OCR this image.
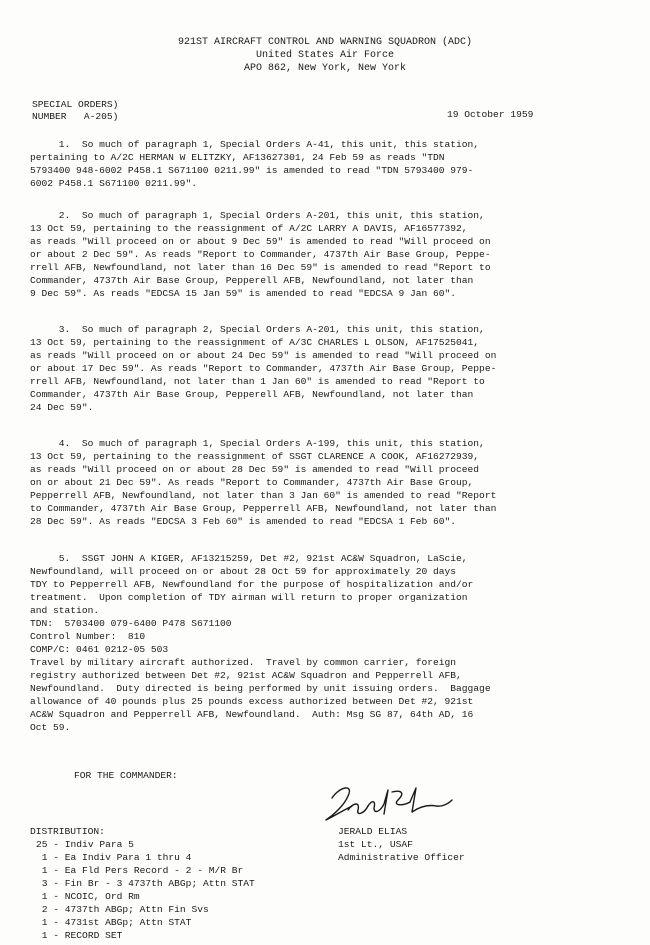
921ST AIRCRAFT CONTROL AND WARNING SQUADRON (ADC)
United States Air Force
APO 862, New York, New York
SPECIAL ORDERS)
NUMBER   A-205)	19 October 1959
1.  So much of paragraph 1, Special Orders A-41, this unit, this station,
pertaining to A/2C HERMAN W ELITZKY, AF13627301, 24 Feb 59 as reads "TDN
5793400 948-6002 P458.1 S671100 0211.99" is amended to read "TDN 5793400 979-
6002 P458.1 S671100 0211.99".
2.  So much of paragraph 1, Special Orders A-201, this unit, this station,
13 Oct 59, pertaining to the reassignment of A/2C LARRY A DAVIS, AF16577392,
as reads "Will proceed on or about 9 Dec 59" is amended to read "Will proceed on
or about 2 Dec 59". As reads "Report to Commander, 4737th Air Base Group, Peppe-
rrell AFB, Newfoundland, not later than 16 Dec 59" is amended to read "Report to
Commander, 4737th Air Base Group, Pepperell AFB, Newfoundland, not later than
9 Dec 59". As reads "EDCSA 15 Jan 59" is amended to read "EDCSA 9 Jan 60".
3.  So much of paragraph 2, Special Orders A-201, this unit, this station,
13 Oct 59, pertaining to the reassignment of A/3C CHARLES L OLSON, AF17525041,
as reads "Will proceed on or about 24 Dec 59" is amended to read "Will proceed on
or about 17 Dec 59". As reads "Report to Commander, 4737th Air Base Group, Peppe-
rrell AFB, Newfoundland, not later than 1 Jan 60" is amended to read "Report to
Commander, 4737th Air Base Group, Pepperell AFB, Newfoundland, not later than
24 Dec 59".
4.  So much of paragraph 1, Special Orders A-199, this unit, this station,
13 Oct 59, pertaining to the reassignment of SSGT CLARENCE A COOK, AF16272939,
as reads "Will proceed on or about 28 Dec 59" is amended to read "Will proceed
on or about 21 Dec 59". As reads "Report to Commander, 4737th Air Base Group,
Pepperrell AFB, Newfoundland, not later than 3 Jan 60" is amended to read "Report
to Commander, 4737th Air Base Group, Pepperrell AFB, Newfoundland, not later than
28 Dec 59". As reads "EDCSA 3 Feb 60" is amended to read "EDCSA 1 Feb 60".
5.  SSGT JOHN A KIGER, AF13215259, Det #2, 921st AC&W Squadron, LaScie,
Newfoundland, will proceed on or about 28 Oct 59 for approximately 20 days
TDY to Pepperrell AFB, Newfoundland for the purpose of hospitalization and/or
treatment.  Upon completion of TDY airman will return to proper organization
and station.
TDN:  5703400 079-6400 P478 S671100
Control Number:  810
COMP/C: 0461 0212-05 503
Travel by military aircraft authorized.  Travel by common carrier, foreign
registry authorized between Det #2, 921st AC&W Squadron and Pepperrell AFB,
Newfoundland.  Duty directed is being performed by unit issuing orders.  Baggage
allowance of 40 pounds plus 25 pounds excess authorized between Det #2, 921st
AC&W Squadron and Pepperrell AFB, Newfoundland.  Auth: Msg SG 87, 64th AD, 16
Oct 59.
FOR THE COMMANDER:
JERALD ELIAS
1st Lt., USAF
Administrative Officer
DISTRIBUTION:
25 - Indiv Para 5
1 - Ea Indiv Para 1 thru 4
1 - Ea Fld Pers Record - 2 - M/R Br
3 - Fin Br - 3 4737th ABGp; Attn STAT
1 - NCOIC, Ord Rm
2 - 4737th ABGp; Attn Fin Svs
1 - 4731st ABGp; Attn STAT
1 - RECORD SET
